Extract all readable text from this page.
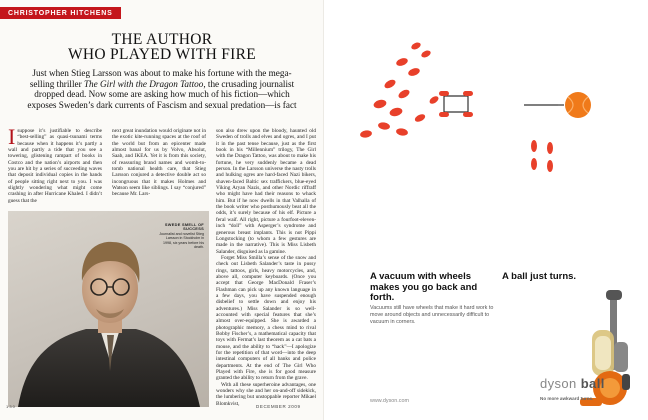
CHRISTOPHER HITCHENS
THE AUTHOR
WHO PLAYED WITH FIRE
Just when Stieg Larsson was about to make his fortune with the mega-selling thriller The Girl with the Dragon Tattoo, the crusading journalist dropped dead. Now some are asking how much of his fiction—which exposes Sweden’s dark currents of Fascism and sexual predation—is fact
I suppose it’s justifiable to describe “best-selling” as quasi-tsunami terms because when it happens it’s partly a wall and partly a tide that you see a towering, glistening rampart of books in Costco and the nation’s airports and then you are hit by a series of succeeding waves that deposit individual copies in the hands of people sitting right next to you. I was slightly wondering what might come crashing in after Hurricane Khaled. I didn’t guess that the
next great inundation would originate not in the exotic kite-running spaces at the roof of the world but from an epicenter made almost banal for us by Volvo, Absolut, Saab, and IKEA. Yet it is from this society, of reassuring brand names and womb-to-tomb national health care, that Stieg Larsson conjured a detective double act so incongruous that it makes Holmes and Watson seem like siblings. I say “conjured” because Mr. Lars-

son also drew upon the bloody, haunted old Sweden of trolls and elves and ogres, and I put it in the past tense because, just as the first book in his “Millennium” trilogy, The Girl with the Dragon Tattoo, was about to make his fortune, he very suddenly became a dead person. In the Larsson universe the nasty trolls and hulking ogres are hard-faced Nazi bikers, shaven-faced Baltic sex traffickers, blue-eyed Viking Aryan Nazis, and other Nordic riffraff who might have had their reasons to whack him. But if he now dwells in that Valhalla of the book writer who posthumously beat all the odds, it’s surely because of his elf. Picture a feral waif. All right, picture a fourfoot-eleven-inch “doll” with Asperger’s syndrome and generous breast implants. This is not Pippi Longstocking (to whom a few gestures are made in the narrative). This is Miss Lisbeth Salander, disguised as la gamine.

Forget Miss Smilla’s sense of the snow and check out Lisbeth Salander’s taste in pussy rings, tattoos, girls, heavy motorcycles, and, above all, computer keyboards. (Once you accept that George MacDonald Fraser’s Flashman can pick up any known language in a few days, you have suspended enough disbelief to settle down and enjoy his adventures.) Miss Salander is so well-accounted with special features that she’s almost over-equipped. She is awarded a photographic memory, a chess mind to rival Bobby Fischer’s, a mathematical capacity that toys with Fermat’s last theorem as a cat bats a mouse, and the ability to “hack”—I apologize for the repetition of that word—into the deep intestinal computers of all banks and police departments. At the end of The Girl Who Played with Fire, she is for good measure granted the ability to return from the grave.

With all these superheroine advantages, one wonders why she and her on-and-off sidekick, the lumbering but unstoppable reporter Mikael Blomkvist,

SWEDE SMELL OF SUCCESS
Journalist and novelist Stieg Larsson in Stockholm in 1998, six years before his death.
1 3 0	DECEMBER 2009
A vacuum with wheels makes you go back and forth.
A ball just turns.
Vacuums still have wheels that make it hard work to move around objects and unnecessarily difficult to vacuum in corners.
www.dyson.com
dyson ball
No more awkward turns.
